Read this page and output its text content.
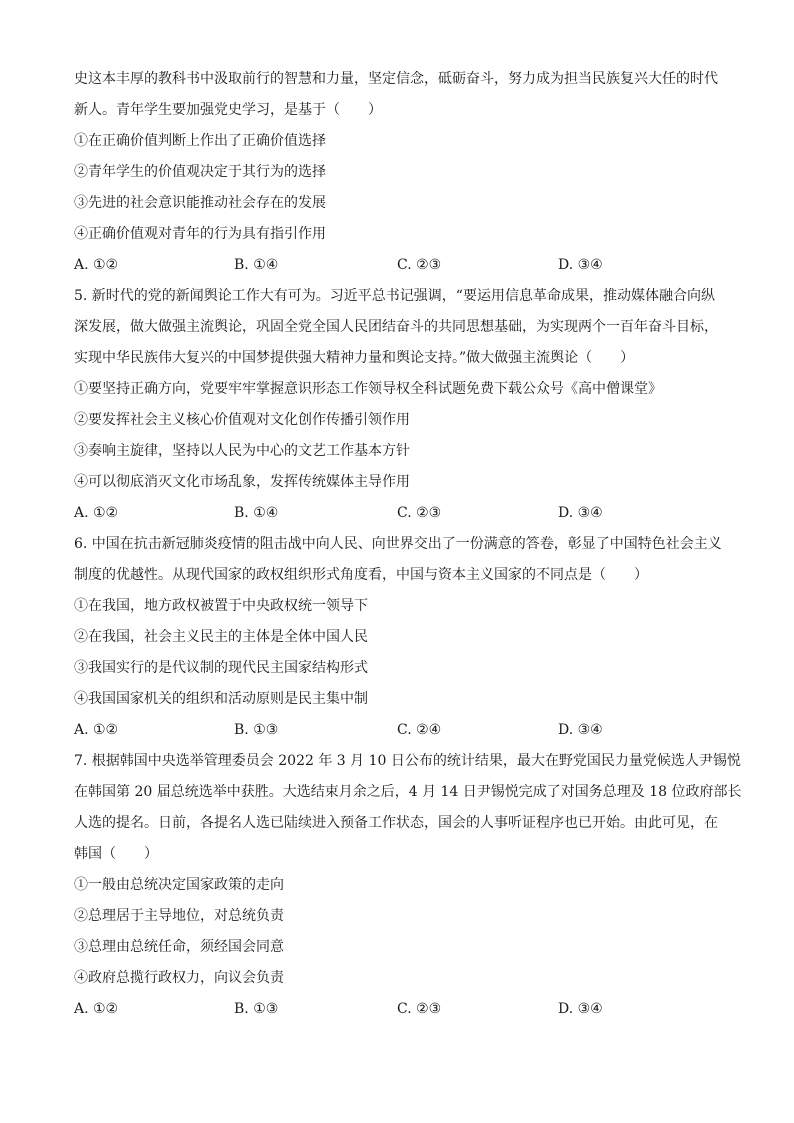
史这本丰厚的教科书中汲取前行的智慧和力量，坚定信念，砥砺奋斗，努力成为担当民族复兴大任的时代
新人。青年学生要加强党史学习，是基于（　　）
①在正确价值判断上作出了正确价值选择
②青年学生的价值观决定于其行为的选择
③先进的社会意识能推动社会存在的发展
④正确价值观对青年的行为具有指引作用
A. ①②	B. ①④	C. ②③	D. ③④
5. 新时代的党的新闻舆论工作大有可为。习近平总书记强调，“要运用信息革命成果，推动媒体融合向纵
深发展，做大做强主流舆论，巩固全党全国人民团结奋斗的共同思想基础，为实现两个一百年奋斗目标，
实现中华民族伟大复兴的中国梦提供强大精神力量和舆论支持。”做大做强主流舆论（　　）
①要坚持正确方向，党要牢牢掌握意识形态工作领导权全科试题免费下载公众号《高中僧课堂》
②要发挥社会主义核心价值观对文化创作传播引领作用
③奏响主旋律，坚持以人民为中心的文艺工作基本方针
④可以彻底消灭文化市场乱象，发挥传统媒体主导作用
A. ①②	B. ①④	C. ②③	D. ③④
6. 中国在抗击新冠肺炎疫情的阻击战中向人民、向世界交出了一份满意的答卷，彰显了中国特色社会主义
制度的优越性。从现代国家的政权组织形式角度看，中国与资本主义国家的不同点是（　　）
①在我国，地方政权被置于中央政权统一领导下
②在我国，社会主义民主的主体是全体中国人民
③我国实行的是代议制的现代民主国家结构形式
④我国国家机关的组织和活动原则是民主集中制
A. ①②	B. ①③	C. ②④	D. ③④
7. 根据韩国中央选举管理委员会 2022 年 3 月 10 日公布的统计结果，最大在野党国民力量党候选人尹锡悦
在韩国第 20 届总统选举中获胜。大选结束月余之后，4 月 14 日尹锡悦完成了对国务总理及 18 位政府部长
人选的提名。日前，各提名人选已陆续进入预备工作状态，国会的人事听证程序也已开始。由此可见，在
韩国（　　）
①一般由总统决定国家政策的走向
②总理居于主导地位，对总统负责
③总理由总统任命，须经国会同意
④政府总揽行政权力，向议会负责
A. ①②	B. ①③	C. ②③	D. ③④
